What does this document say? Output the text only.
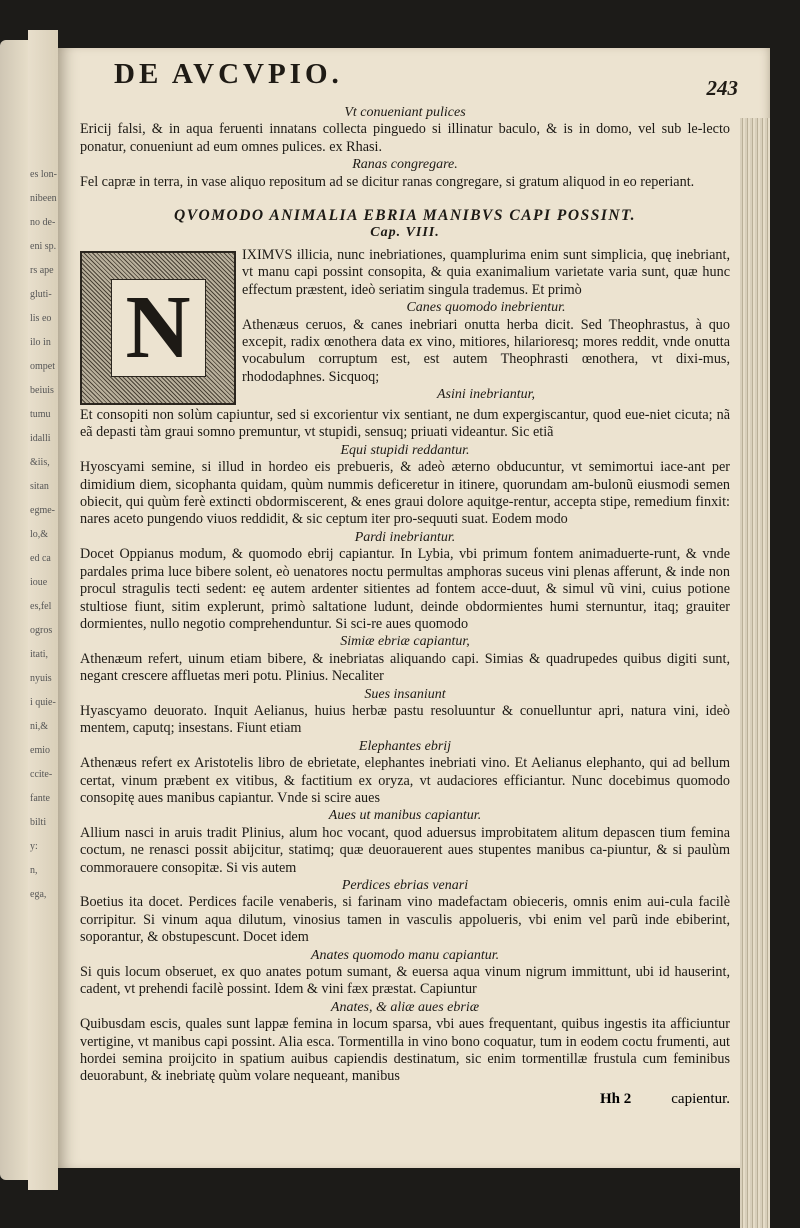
es lon-
nibeen
no de-
eni sp.
rs ape
gluti-
lis eo
ilo in
ompet
beiuis
tumu
idalli
&iis,
sitan
egme-
lo,&
ed ca
ioue
es,fel
ogros
itati,
nyuis
i quie-
ni,&
emio
ccite-
fante
bilti
y:
n,
ega,
DE AVCVPIO.	243

Vt conueniant pulices

Ericij falsi, & in aqua feruenti innatans collecta pinguedo si illinatur baculo, & is in domo, vel sub le-lecto ponatur, conueniunt ad eum omnes pulices. ex Rhasi.

Ranas congregare.

Fel capræ in terra, in vase aliquo repositum ad se dicitur ranas congregare, si gratum aliquod in eo reperiant.

QVOMODO ANIMALIA EBRIA MANIBVS CAPI POSSINT.
Cap. VIII.
N

IXIMVS illicia, nunc inebriationes, quamplurima enim sunt simplicia, quę inebriant, vt manu capi possint consopita, & quia exanimalium varietate varia sunt, quæ hunc effectum præstent, ideò seriatim singula trademus. Et primò

Canes quomodo inebrientur.

Athenæus ceruos, & canes inebriari onutta herba dicit. Sed Theophrastus, à quo excepit, radix œnothera data ex vino, mitiores, hilarioresq; mores reddit, vnde onutta vocabulum corruptum est, est autem Theophrasti œnothera, vt dixi-mus, rhododaphnes. Sicquoq;

Asini inebriantur,

Et consopiti non solùm capiuntur, sed si excorientur vix sentiant, ne dum expergiscantur, quod eue-niet cicuta; nã eã depasti tàm graui somno premuntur, vt stupidi, sensuq; priuati videantur. Sic etiã

Equi stupidi reddantur.

Hyoscyami semine, si illud in hordeo eis prebueris, & adeò æterno obducuntur, vt semimortui iace-ant per dimidium diem, sicophanta quidam, quùm nummis deficeretur in itinere, quorundam am-bulonũ eiusmodi semen obiecit, qui quùm ferè extincti obdormiscerent, & enes graui dolore aquitge-rentur, accepta stipe, remedium finxit: nares aceto pungendo viuos reddidit, & sic ceptum iter pro-sequuti suat. Eodem modo

Pardi inebriantur.

Docet Oppianus modum, & quomodo ebrij capiantur. In Lybia, vbi primum fontem animaduerte-runt, & vnde pardales prima luce bibere solent, eò uenatores noctu permultas amphoras suceus vini plenas afferunt, & inde non procul stragulis tecti sedent: eę autem ardenter sitientes ad fontem acce-duut, & simul vũ vini, cuius potione stultiose fiunt, sitim explerunt, primò saltatione ludunt, deinde obdormientes humi sternuntur, itaq; grauiter dormientes, nullo negotio comprehenduntur. Si sci-re aues quomodo

Simiæ ebriæ capiantur,

Athenæum refert, uinum etiam bibere, & inebriatas aliquando capi. Simias & quadrupedes quibus digiti sunt, negant crescere affluetas meri potu. Plinius. Necaliter

Sues insaniunt

Hyascyamo deuorato. Inquit Aelianus, huius herbæ pastu resoluuntur & conuelluntur apri, natura vini, ideò mentem, caputq; insestans. Fiunt etiam

Elephantes ebrij

Athenæus refert ex Aristotelis libro de ebrietate, elephantes inebriati vino. Et Aelianus elephanto, qui ad bellum certat, vinum præbent ex vitibus, & factitium ex oryza, vt audaciores efficiantur. Nunc docebimus quomodo consopitę aues manibus capiantur. Vnde si scire aues

Aues ut manibus capiantur.

Allium nasci in aruis tradit Plinius, alum hoc vocant, quod aduersus improbitatem alitum depascen tium femina coctum, ne renasci possit abijcitur, statimq; quæ deuorauerent aues stupentes manibus ca-piuntur, & si paulùm commorauere consopitæ. Si vis autem

Perdices ebrias venari

Boetius ita docet. Perdices facile venaberis, si farinam vino madefactam obieceris, omnis enim aui-cula facilè corripitur. Si vinum aqua dilutum, vinosius tamen in vasculis appolueris, vbi enim vel parũ inde ebiberint, soporantur, & obstupescunt. Docet idem

Anates quomodo manu capiantur.

Si quis locum obseruet, ex quo anates potum sumant, & euersa aqua vinum nigrum immittunt, ubi id hauserint, cadent, vt prehendi facilè possint. Idem & vini fæx præstat. Capiuntur

Anates, & aliæ aues ebriæ

Quibusdam escis, quales sunt lappæ femina in locum sparsa, vbi aues frequentant, quibus ingestis ita afficiuntur vertigine, vt manibus capi possint. Alia esca. Tormentilla in vino bono coquatur, tum in eodem coctu frumenti, aut hordei semina proijcito in spatium auibus capiendis destinatum, sic enim tormentillæ frustula cum feminibus deuorabunt, & inebriatę quùm volare nequeant, manibus

Hh 2	capientur.
